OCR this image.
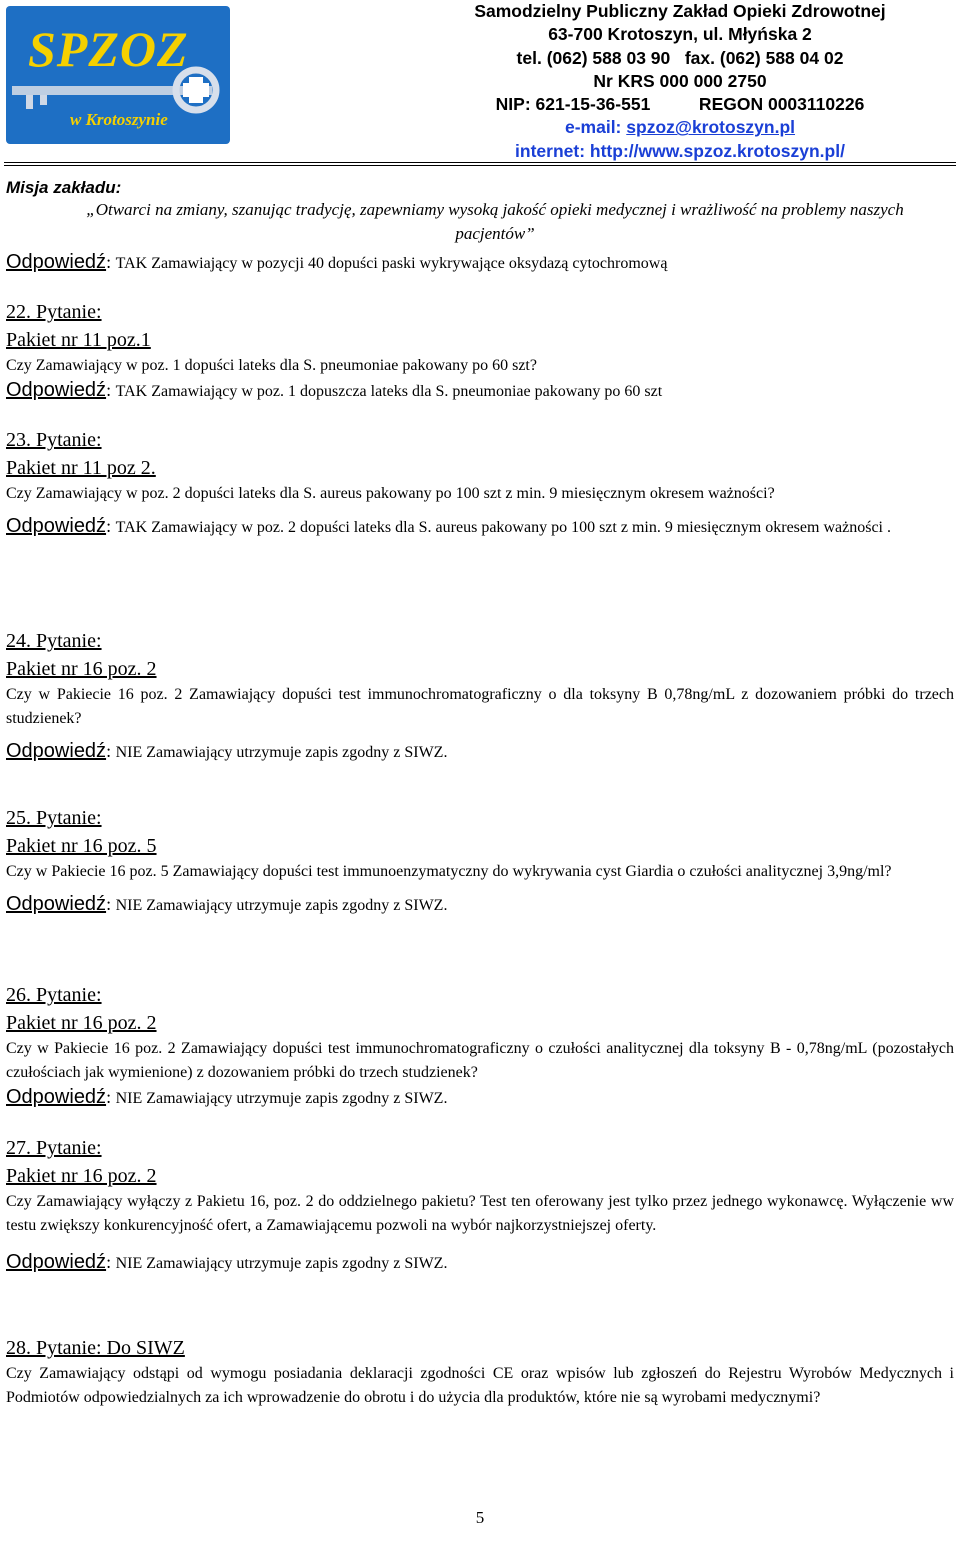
SPZOZ
w Krotoszynie
Samodzielny Publiczny Zakład Opieki Zdrowotnej
63-700 Krotoszyn, ul. Młyńska 2
tel. (062) 588 03 90   fax. (062) 588 04 02
Nr KRS 000 000 2750
NIP: 621-15-36-551          REGON 0003110226
e-mail: spzoz@krotoszyn.pl
internet: http://www.spzoz.krotoszyn.pl/
Misja zakładu:
„Otwarci na zmiany, szanując tradycję, zapewniamy wysoką jakość opieki medycznej i wrażliwość na problemy naszych pacjentów”
Odpowiedź: TAK Zamawiający w pozycji 40 dopuści paski wykrywające oksydazą cytochromową
22. Pytanie:
Pakiet nr 11 poz.1
Czy Zamawiający w poz. 1 dopuści lateks dla S. pneumoniae pakowany po 60 szt?
Odpowiedź: TAK Zamawiający w poz. 1 dopuszcza lateks dla S. pneumoniae pakowany po 60 szt
23. Pytanie:
Pakiet nr 11 poz 2.
Czy Zamawiający w poz. 2 dopuści lateks dla S. aureus pakowany po 100 szt z min. 9 miesięcznym okresem ważności?
Odpowiedź: TAK Zamawiający w poz. 2 dopuści lateks dla S. aureus pakowany po 100 szt z min. 9 miesięcznym okresem ważności .
24. Pytanie:
Pakiet nr 16 poz. 2
Czy w Pakiecie 16 poz. 2 Zamawiający dopuści test immunochromatograficzny o dla toksyny B 0,78ng/mL z dozowaniem próbki do trzech studzienek?
Odpowiedź: NIE Zamawiający utrzymuje zapis zgodny z SIWZ.
25. Pytanie:
Pakiet nr 16 poz. 5
Czy w Pakiecie 16 poz. 5 Zamawiający dopuści test immunoenzymatyczny do wykrywania cyst Giardia o czułości analitycznej 3,9ng/ml?
Odpowiedź: NIE Zamawiający utrzymuje zapis zgodny z SIWZ.
26. Pytanie:
Pakiet nr 16 poz. 2
Czy w Pakiecie 16 poz. 2 Zamawiający dopuści test immunochromatograficzny o czułości analitycznej dla toksyny B - 0,78ng/mL (pozostałych czułościach jak wymienione) z dozowaniem próbki do trzech studzienek?
Odpowiedź: NIE Zamawiający utrzymuje zapis zgodny z SIWZ.
27. Pytanie:
Pakiet nr 16 poz. 2
Czy Zamawiający wyłączy z Pakietu 16, poz. 2 do oddzielnego pakietu? Test ten oferowany jest tylko przez jednego wykonawcę. Wyłączenie ww testu zwiększy konkurencyjność ofert, a Zamawiającemu pozwoli na wybór najkorzystniejszej oferty.
Odpowiedź: NIE Zamawiający utrzymuje zapis zgodny z SIWZ.
28. Pytanie: Do SIWZ
Czy Zamawiający odstąpi od wymogu posiadania deklaracji zgodności CE oraz wpisów lub zgłoszeń do Rejestru Wyrobów Medycznych i Podmiotów odpowiedzialnych za ich wprowadzenie do obrotu i do użycia dla produktów, które nie są wyrobami medycznymi?
5
